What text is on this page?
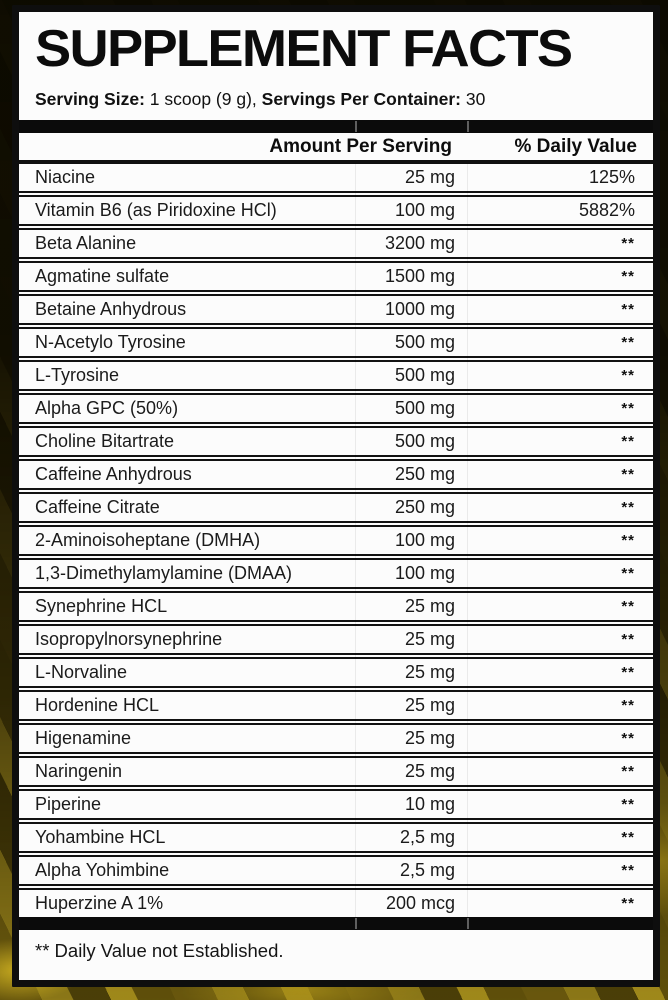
SUPPLEMENT FACTS
Serving Size: 1 scoop (9 g), Servings Per Container: 30
Amount Per Serving	% Daily Value
Niacine	25 mg	125%
Vitamin B6 (as Piridoxine HCl)	100 mg	5882%
Beta Alanine	3200 mg	**
Agmatine sulfate	1500 mg	**
Betaine Anhydrous	1000 mg	**
N-Acetylo Tyrosine	500 mg	**
L-Tyrosine	500 mg	**
Alpha GPC (50%)	500 mg	**
Choline Bitartrate	500 mg	**
Caffeine Anhydrous	250 mg	**
Caffeine Citrate	250 mg	**
2-Aminoisoheptane (DMHA)	100 mg	**
1,3-Dimethylamylamine (DMAA)	100 mg	**
Synephrine HCL	25 mg	**
Isopropylnorsynephrine	25 mg	**
L-Norvaline	25 mg	**
Hordenine HCL	25 mg	**
Higenamine	25 mg	**
Naringenin	25 mg	**
Piperine	10 mg	**
Yohambine HCL	2,5 mg	**
Alpha Yohimbine	2,5 mg	**
Huperzine A 1%	200 mcg	**
** Daily Value not Established.
